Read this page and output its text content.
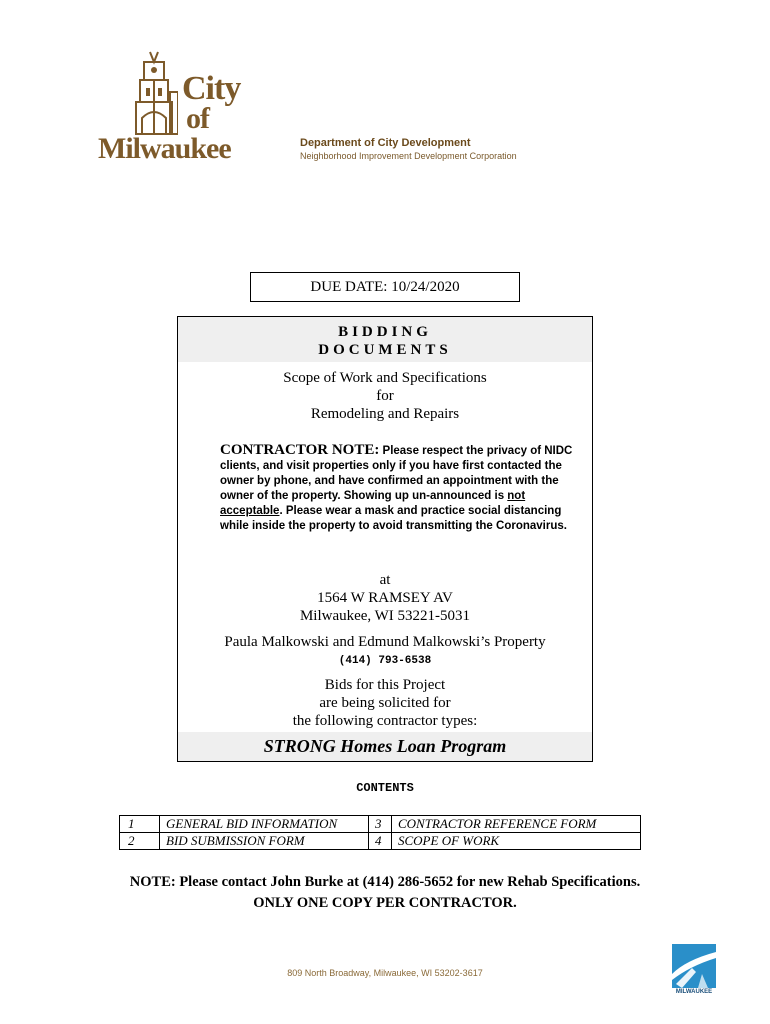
City
of
Milwaukee	Department of City Development
Neighborhood Improvement Development Corporation
DUE DATE: 10/24/2020
BIDDING
DOCUMENTS
Scope of Work and Specifications
for
Remodeling and Repairs
CONTRACTOR NOTE: Please respect the privacy of NIDC clients, and visit properties only if you have first contacted the owner by phone, and have confirmed an appointment with the owner of the property. Showing up un-announced is not acceptable. Please wear a mask and practice social distancing while inside the property to avoid transmitting the Coronavirus.
at
1564 W RAMSEY AV
Milwaukee, WI 53221-5031
Paula Malkowski and Edmund Malkowski’s Property
(414) 793-6538
Bids for this Project
are being solicited for
the following contractor types:
STRONG Homes Loan Program
CONTENTS
1	GENERAL BID INFORMATION	3	CONTRACTOR REFERENCE FORM
2	BID SUBMISSION FORM	4	SCOPE OF WORK
NOTE: Please contact John Burke at (414) 286-5652 for new Rehab Specifications.
ONLY ONE COPY PER CONTRACTOR.
809 North Broadway, Milwaukee, WI 53202-3617
MILWAUKEE
